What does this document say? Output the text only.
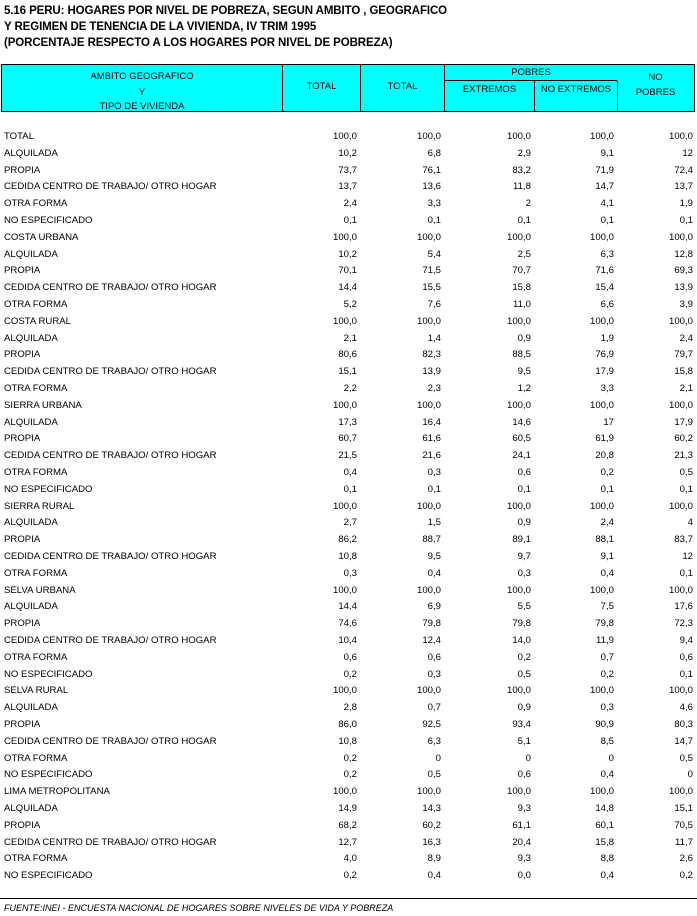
5.16 PERU: HOGARES POR NIVEL DE POBREZA, SEGUN AMBITO , GEOGRAFICO
Y REGIMEN DE TENENCIA DE LA VIVIENDA, IV TRIM 1995
(PORCENTAJE RESPECTO A LOS HOGARES POR NIVEL DE POBREZA)
AMBITO GEOGRAFICO
Y
TIPO DE VIVIENDA
TOTAL	TOTAL
POBRES
EXTREMOS	NO EXTREMOS
NO
POBRES
TOTAL	100,0	100,0	100,0	100,0	100,0
ALQUILADA	10,2	6,8	2,9	9,1	12
PROPIA	73,7	76,1	83,2	71,9	72,4
CEDIDA CENTRO DE TRABAJO/ OTRO HOGAR	13,7	13,6	11,8	14,7	13,7
OTRA FORMA	2,4	3,3	2	4,1	1,9
NO ESPECIFICADO	0,1	0,1	0,1	0,1	0,1
COSTA URBANA	100,0	100,0	100,0	100,0	100,0
ALQUILADA	10,2	5,4	2,5	6,3	12,8
PROPIA	70,1	71,5	70,7	71,6	69,3
CEDIDA CENTRO DE TRABAJO/ OTRO HOGAR	14,4	15,5	15,8	15,4	13,9
OTRA FORMA	5,2	7,6	11,0	6,6	3,9
COSTA RURAL	100,0	100,0	100,0	100,0	100,0
ALQUILADA	2,1	1,4	0,9	1,9	2,4
PROPIA	80,6	82,3	88,5	76,9	79,7
CEDIDA CENTRO DE TRABAJO/ OTRO HOGAR	15,1	13,9	9,5	17,9	15,8
OTRA FORMA	2,2	2,3	1,2	3,3	2,1
SIERRA URBANA	100,0	100,0	100,0	100,0	100,0
ALQUILADA	17,3	16,4	14,6	17	17,9
PROPIA	60,7	61,6	60,5	61,9	60,2
CEDIDA CENTRO DE TRABAJO/ OTRO HOGAR	21,5	21,6	24,1	20,8	21,3
OTRA FORMA	0,4	0,3	0,6	0,2	0,5
NO ESPECIFICADO	0,1	0,1	0,1	0,1	0,1
SIERRA RURAL	100,0	100,0	100,0	100,0	100,0
ALQUILADA	2,7	1,5	0,9	2,4	4
PROPIA	86,2	88,7	89,1	88,1	83,7
CEDIDA CENTRO DE TRABAJO/ OTRO HOGAR	10,8	9,5	9,7	9,1	12
OTRA FORMA	0,3	0,4	0,3	0,4	0,1
SELVA URBANA	100,0	100,0	100,0	100,0	100,0
ALQUILADA	14,4	6,9	5,5	7,5	17,6
PROPIA	74,6	79,8	79,8	79,8	72,3
CEDIDA CENTRO DE TRABAJO/ OTRO HOGAR	10,4	12,4	14,0	11,9	9,4
OTRA FORMA	0,6	0,6	0,2	0,7	0,6
NO ESPECIFICADO	0,2	0,3	0,5	0,2	0,1
SELVA RURAL	100,0	100,0	100,0	100,0	100,0
ALQUILADA	2,8	0,7	0,9	0,3	4,6
PROPIA	86,0	92,5	93,4	90,9	80,3
CEDIDA CENTRO DE TRABAJO/ OTRO HOGAR	10,8	6,3	5,1	8,5	14,7
OTRA FORMA	0,2	0	0	0	0,5
NO ESPECIFICADO	0,2	0,5	0,6	0,4	0
LIMA METROPOLITANA	100,0	100,0	100,0	100,0	100,0
ALQUILADA	14,9	14,3	9,3	14,8	15,1
PROPIA	68,2	60,2	61,1	60,1	70,5
CEDIDA CENTRO DE TRABAJO/ OTRO HOGAR	12,7	16,3	20,4	15,8	11,7
OTRA FORMA	4,0	8,9	9,3	8,8	2,6
NO ESPECIFICADO	0,2	0,4	0,0	0,4	0,2
FUENTE:INEI - ENCUESTA NACIONAL DE HOGARES SOBRE NIVELES DE VIDA Y POBREZA
